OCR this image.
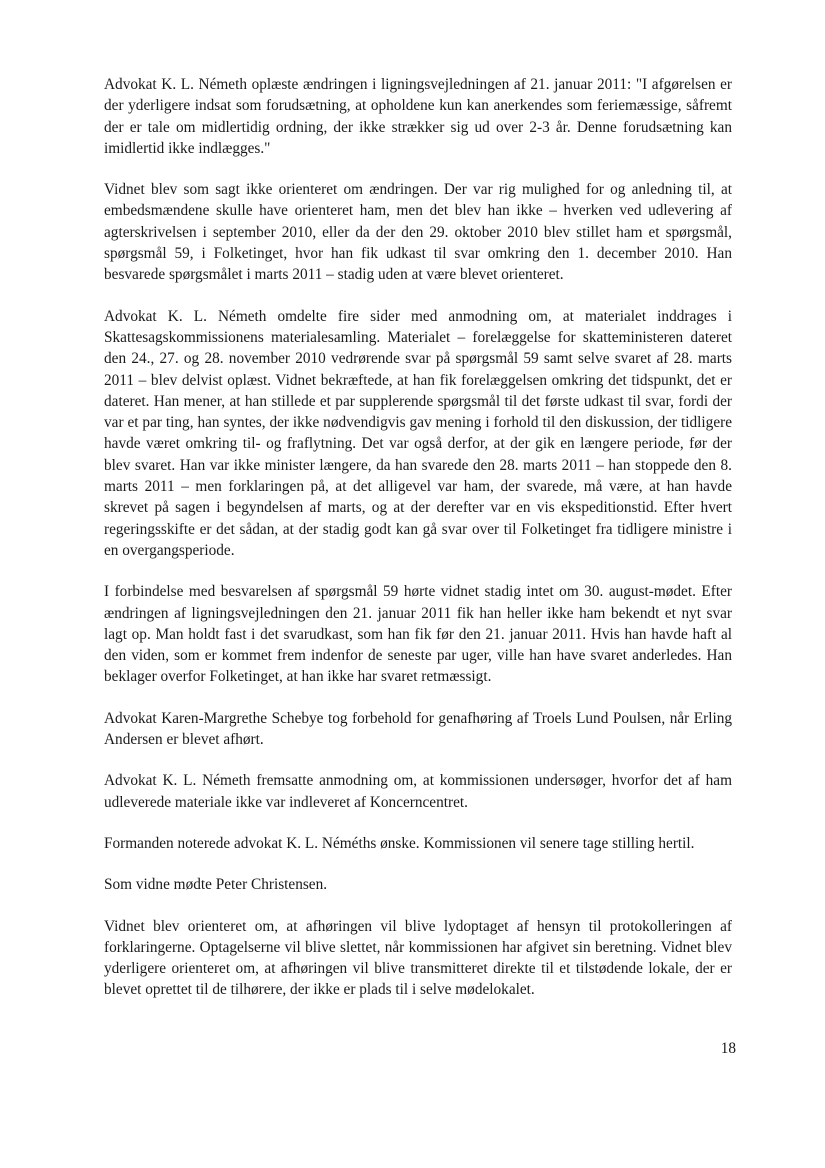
Advokat K. L. Németh oplæste ændringen i ligningsvejledningen af 21. januar 2011: "I afgørelsen er der yderligere indsat som forudsætning, at opholdene kun kan anerkendes som feriemæssige, såfremt der er tale om midlertidig ordning, der ikke strækker sig ud over 2-3 år. Denne forudsætning kan imidlertid ikke indlægges."

Vidnet blev som sagt ikke orienteret om ændringen. Der var rig mulighed for og anledning til, at embedsmændene skulle have orienteret ham, men det blev han ikke – hverken ved udlevering af agterskrivelsen i september 2010, eller da der den 29. oktober 2010 blev stillet ham et spørgsmål, spørgsmål 59, i Folketinget, hvor han fik udkast til svar omkring den 1. december 2010. Han besvarede spørgsmålet i marts 2011 – stadig uden at være blevet orienteret.

Advokat K. L. Németh omdelte fire sider med anmodning om, at materialet inddrages i Skattesagskommissionens materialesamling. Materialet – forelæggelse for skatteministeren dateret den 24., 27. og 28. november 2010 vedrørende svar på spørgsmål 59 samt selve svaret af 28. marts 2011 – blev delvist oplæst. Vidnet bekræftede, at han fik forelæggelsen omkring det tidspunkt, det er dateret. Han mener, at han stillede et par supplerende spørgsmål til det første udkast til svar, fordi der var et par ting, han syntes, der ikke nødvendigvis gav mening i forhold til den diskussion, der tidligere havde været omkring til- og fraflytning. Det var også derfor, at der gik en længere periode, før der blev svaret. Han var ikke minister længere, da han svarede den 28. marts 2011 – han stoppede den 8. marts 2011 – men forklaringen på, at det alligevel var ham, der svarede, må være, at han havde skrevet på sagen i begyndelsen af marts, og at der derefter var en vis ekspeditionstid. Efter hvert regeringsskifte er det sådan, at der stadig godt kan gå svar over til Folketinget fra tidligere ministre i en overgangsperiode.

I forbindelse med besvarelsen af spørgsmål 59 hørte vidnet stadig intet om 30. august-mødet. Efter ændringen af ligningsvejledningen den 21. januar 2011 fik han heller ikke ham bekendt et nyt svar lagt op. Man holdt fast i det svarudkast, som han fik før den 21. januar 2011. Hvis han havde haft al den viden, som er kommet frem indenfor de seneste par uger, ville han have svaret anderledes. Han beklager overfor Folketinget, at han ikke har svaret retmæssigt.

Advokat Karen-Margrethe Schebye tog forbehold for genafhøring af Troels Lund Poulsen, når Erling Andersen er blevet afhørt.

Advokat K. L. Németh fremsatte anmodning om, at kommissionen undersøger, hvorfor det af ham udleverede materiale ikke var indleveret af Koncerncentret.

Formanden noterede advokat K. L. Néméths ønske. Kommissionen vil senere tage stilling hertil.

Som vidne mødte Peter Christensen.

Vidnet blev orienteret om, at afhøringen vil blive lydoptaget af hensyn til protokolleringen af forklaringerne. Optagelserne vil blive slettet, når kommissionen har afgivet sin beretning. Vidnet blev yderligere orienteret om, at afhøringen vil blive transmitteret direkte til et tilstødende lokale, der er blevet oprettet til de tilhørere, der ikke er plads til i selve mødelokalet.

18
